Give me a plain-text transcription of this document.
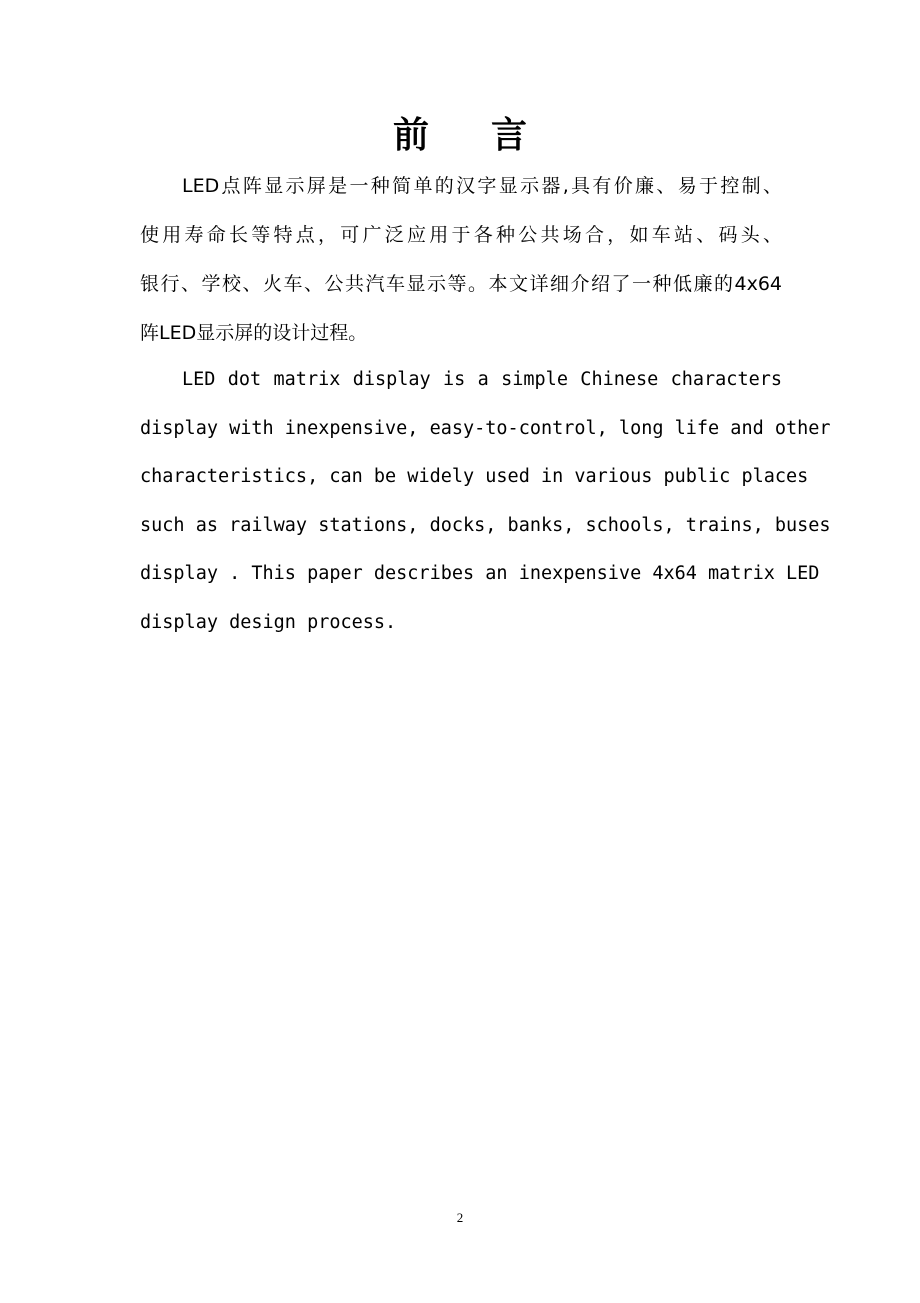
前 言

LED点阵显示屏是一种简单的汉字显示器,具有价廉、易于控制、
使用寿命长等特点，可广泛应用于各种公共场合，如车站、码头、
银行、学校、火车、公共汽车显示等。本文详细介绍了一种低廉的4x64
阵LED显示屏的设计过程。

LED dot matrix display is a simple Chinese characters
display with inexpensive, easy-to-control, long life and other
characteristics, can be widely used in various public places
such as railway stations, docks, banks, schools, trains, buses
display . This paper describes an inexpensive 4x64 matrix LED
display design process.

2
